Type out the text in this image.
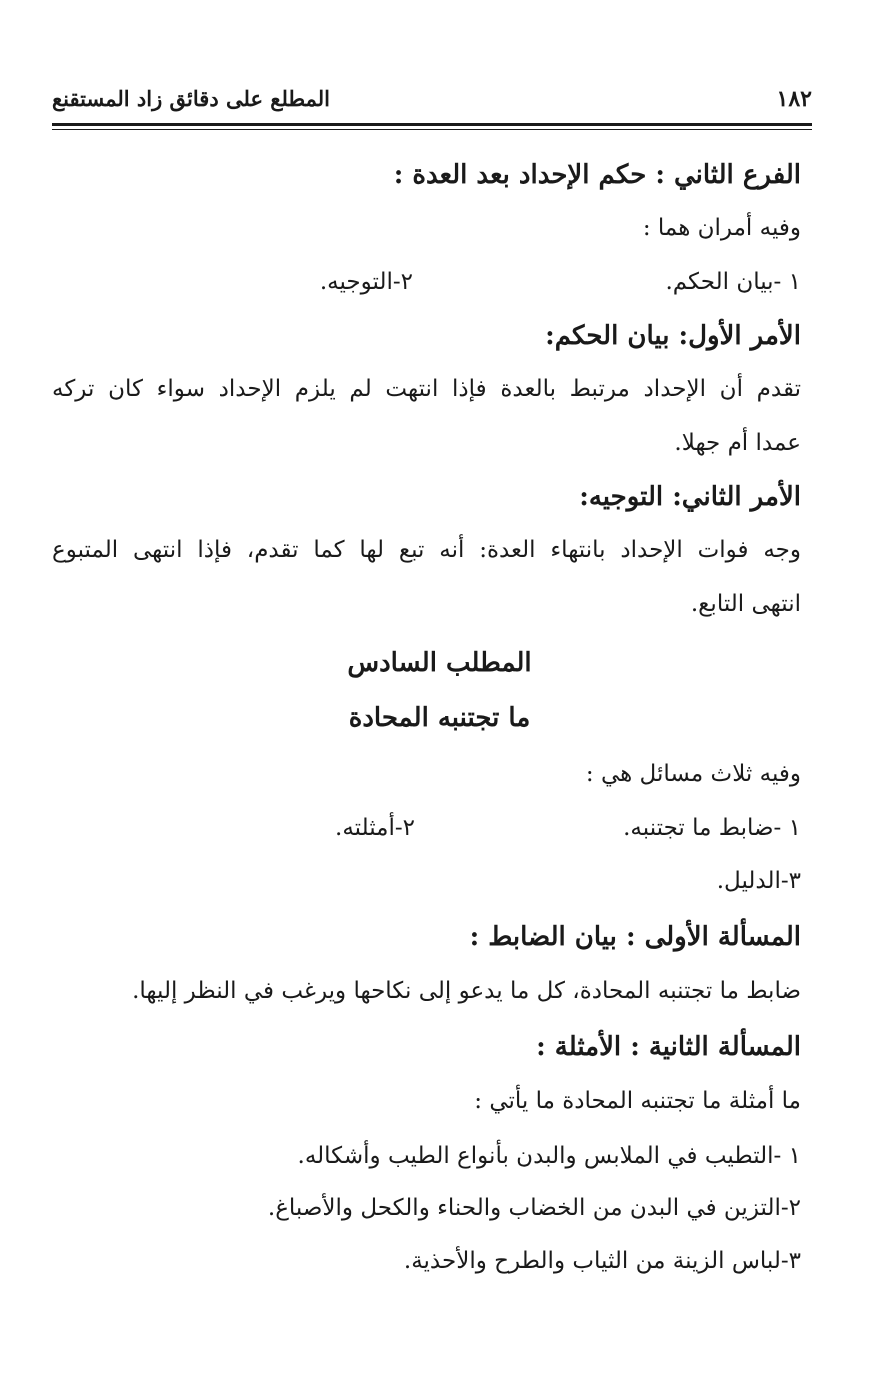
١٨٢
المطلع على دقائق زاد المستقنع
الفرع الثاني : حكم الإحداد بعد العدة :
وفيه أمران هما :
١ -بيان الحكم.
٢-التوجيه.
الأمر الأول: بيان الحكم:
تقدم أن الإحداد مرتبط بالعدة فإذا انتهت لم يلزم الإحداد سواء كان تركه
عمدا أم جهلا.
الأمر الثاني: التوجيه:
وجه فوات الإحداد بانتهاء العدة: أنه تبع لها كما تقدم، فإذا انتهى المتبوع
انتهى التابع.
المطلب السادس
ما تجتنبه المحادة
وفيه ثلاث مسائل هي :
١ -ضابط ما تجتنبه.
٢-أمثلته.
٣-الدليل.
المسألة الأولى : بيان الضابط :
ضابط ما تجتنبه المحادة، كل ما يدعو إلى نكاحها ويرغب في النظر إليها.
المسألة الثانية : الأمثلة :
ما أمثلة ما تجتنبه المحادة ما يأتي :
١ -التطيب في الملابس والبدن بأنواع الطيب وأشكاله.
٢-التزين في البدن من الخضاب والحناء والكحل والأصباغ.
٣-لباس الزينة من الثياب والطرح والأحذية.
